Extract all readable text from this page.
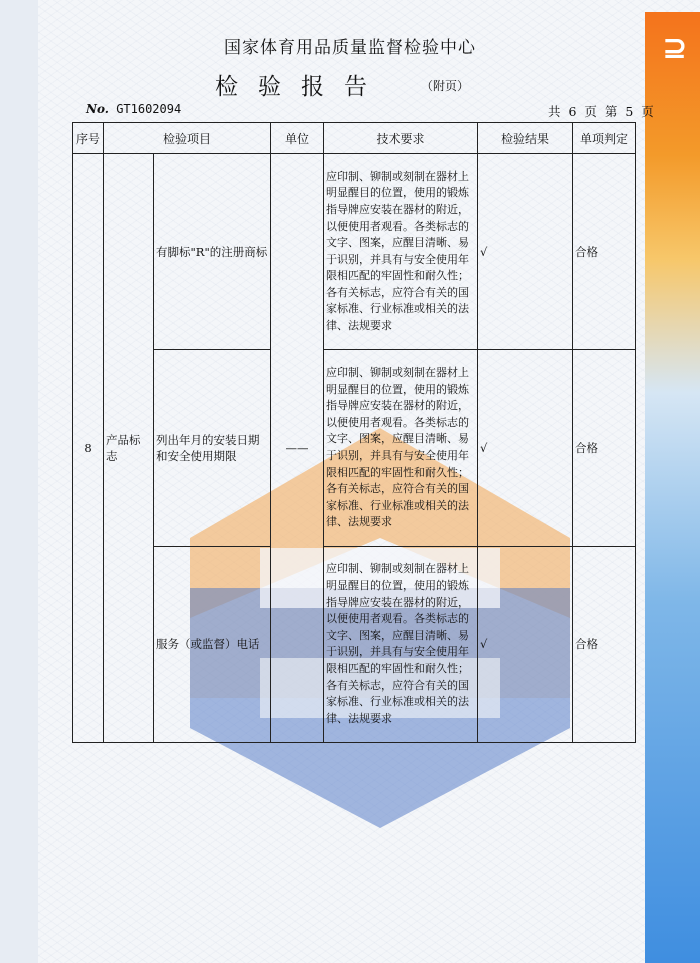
⊇
国家体育用品质量监督检验中心
检验报告	（附页）
No. GT1602094	共 6 页 第 5 页
序号	检验项目		单位	技术要求	检验结果	单项判定
8	产品标志	有脚标"R"的注册商标	——	应印制、铆制或刻制在器材上明显醒目的位置，使用的锻炼指导牌应安装在器材的附近，以便使用者观看。各类标志的文字、图案，应醒目清晰、易于识别，并具有与安全使用年限相匹配的牢固性和耐久性；各有关标志，应符合有关的国家标准、行业标准或相关的法律、法规要求	√	合格
		列出年月的安装日期和安全使用期限		应印制、铆制或刻制在器材上明显醒目的位置，使用的锻炼指导牌应安装在器材的附近，以便使用者观看。各类标志的文字、图案，应醒目清晰、易于识别，并具有与安全使用年限相匹配的牢固性和耐久性；各有关标志，应符合有关的国家标准、行业标准或相关的法律、法规要求	√	合格
		服务（或监督）电话		应印制、铆制或刻制在器材上明显醒目的位置，使用的锻炼指导牌应安装在器材的附近，以便使用者观看。各类标志的文字、图案，应醒目清晰、易于识别，并具有与安全使用年限相匹配的牢固性和耐久性；各有关标志，应符合有关的国家标准、行业标准或相关的法律、法规要求	√	合格
